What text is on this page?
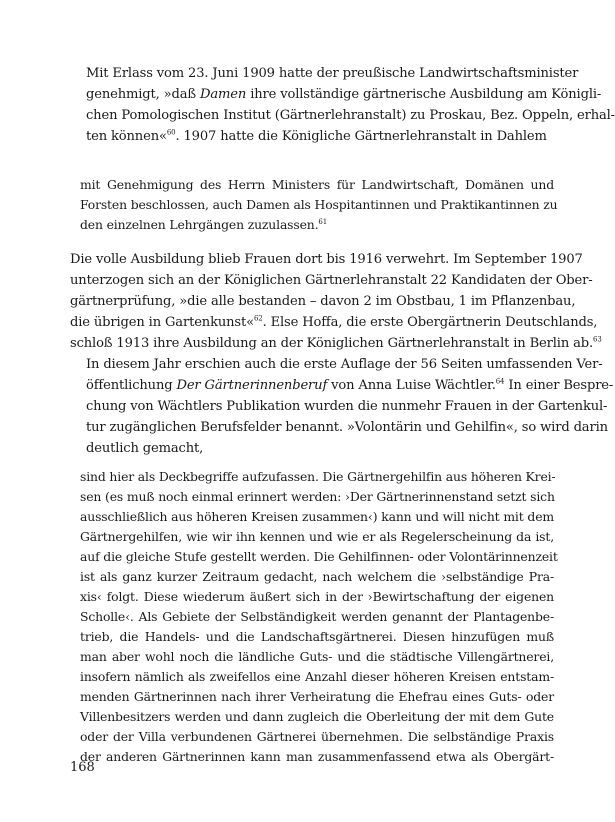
Mit Erlass vom 23. Juni 1909 hatte der preußische Landwirtschaftsminister
genehmigt, »daß Damen ihre vollständige gärtnerische Ausbildung am Königli-
chen Pomologischen Institut (Gärtnerlehranstalt) zu Proskau, Bez. Oppeln, erhal-
ten können«$^{60}$. 1907 hatte die Königliche Gärtnerlehranstalt in Dahlem

mit Genehmigung des Herrn Ministers für Landwirtschaft, Domänen und
Forsten beschlossen, auch Damen als Hospitantinnen und Praktikantinnen zu
den einzelnen Lehrgängen zuzulassen.$^{61}$

Die volle Ausbildung blieb Frauen dort bis 1916 verwehrt. Im September 1907
unterzogen sich an der Königlichen Gärtnerlehranstalt 22 Kandidaten der Ober-
gärtnerprüfung, »die alle bestanden – davon 2 im Obstbau, 1 im Pflanzenbau,
die übrigen in Gartenkunst«$^{62}$. Else Hoffa, die erste Obergärtnerin Deutschlands,
schloß 1913 ihre Ausbildung an der Königlichen Gärtnerlehranstalt in Berlin ab.$^{63}$

In diesem Jahr erschien auch die erste Auflage der 56 Seiten umfassenden Ver-
öffentlichung Der Gärtnerinnenberuf von Anna Luise Wächtler.$^{64}$ In einer Bespre-
chung von Wächtlers Publikation wurden die nunmehr Frauen in der Gartenkul-
tur zugänglichen Berufsfelder benannt. »Volontärin und Gehilfin«, so wird darin
deutlich gemacht,

sind hier als Deckbegriffe aufzufassen. Die Gärtnergehilfin aus höheren Krei-
sen (es muß noch einmal erinnert werden: ›Der Gärtnerinnenstand setzt sich
ausschließlich aus höheren Kreisen zusammen‹) kann und will nicht mit dem
Gärtnergehilfen, wie wir ihn kennen und wie er als Regelerscheinung da ist,
auf die gleiche Stufe gestellt werden. Die Gehilfinnen- oder Volontärinnenzeit
ist als ganz kurzer Zeitraum gedacht, nach welchem die ›selbständige Pra-
xis‹ folgt. Diese wiederum äußert sich in der ›Bewirtschaftung der eigenen
Scholle‹. Als Gebiete der Selbständigkeit werden genannt der Plantagenbe-
trieb, die Handels- und die Landschaftsgärtnerei. Diesen hinzufügen muß
man aber wohl noch die ländliche Guts- und die städtische Villengärtnerei,
insofern nämlich als zweifellos eine Anzahl dieser höheren Kreisen entstam-
menden Gärtnerinnen nach ihrer Verheiratung die Ehefrau eines Guts- oder
Villenbesitzers werden und dann zugleich die Oberleitung der mit dem Gute
oder der Villa verbundenen Gärtnerei übernehmen. Die selbständige Praxis
der anderen Gärtnerinnen kann man zusammenfassend etwa als Obergärt-

168
